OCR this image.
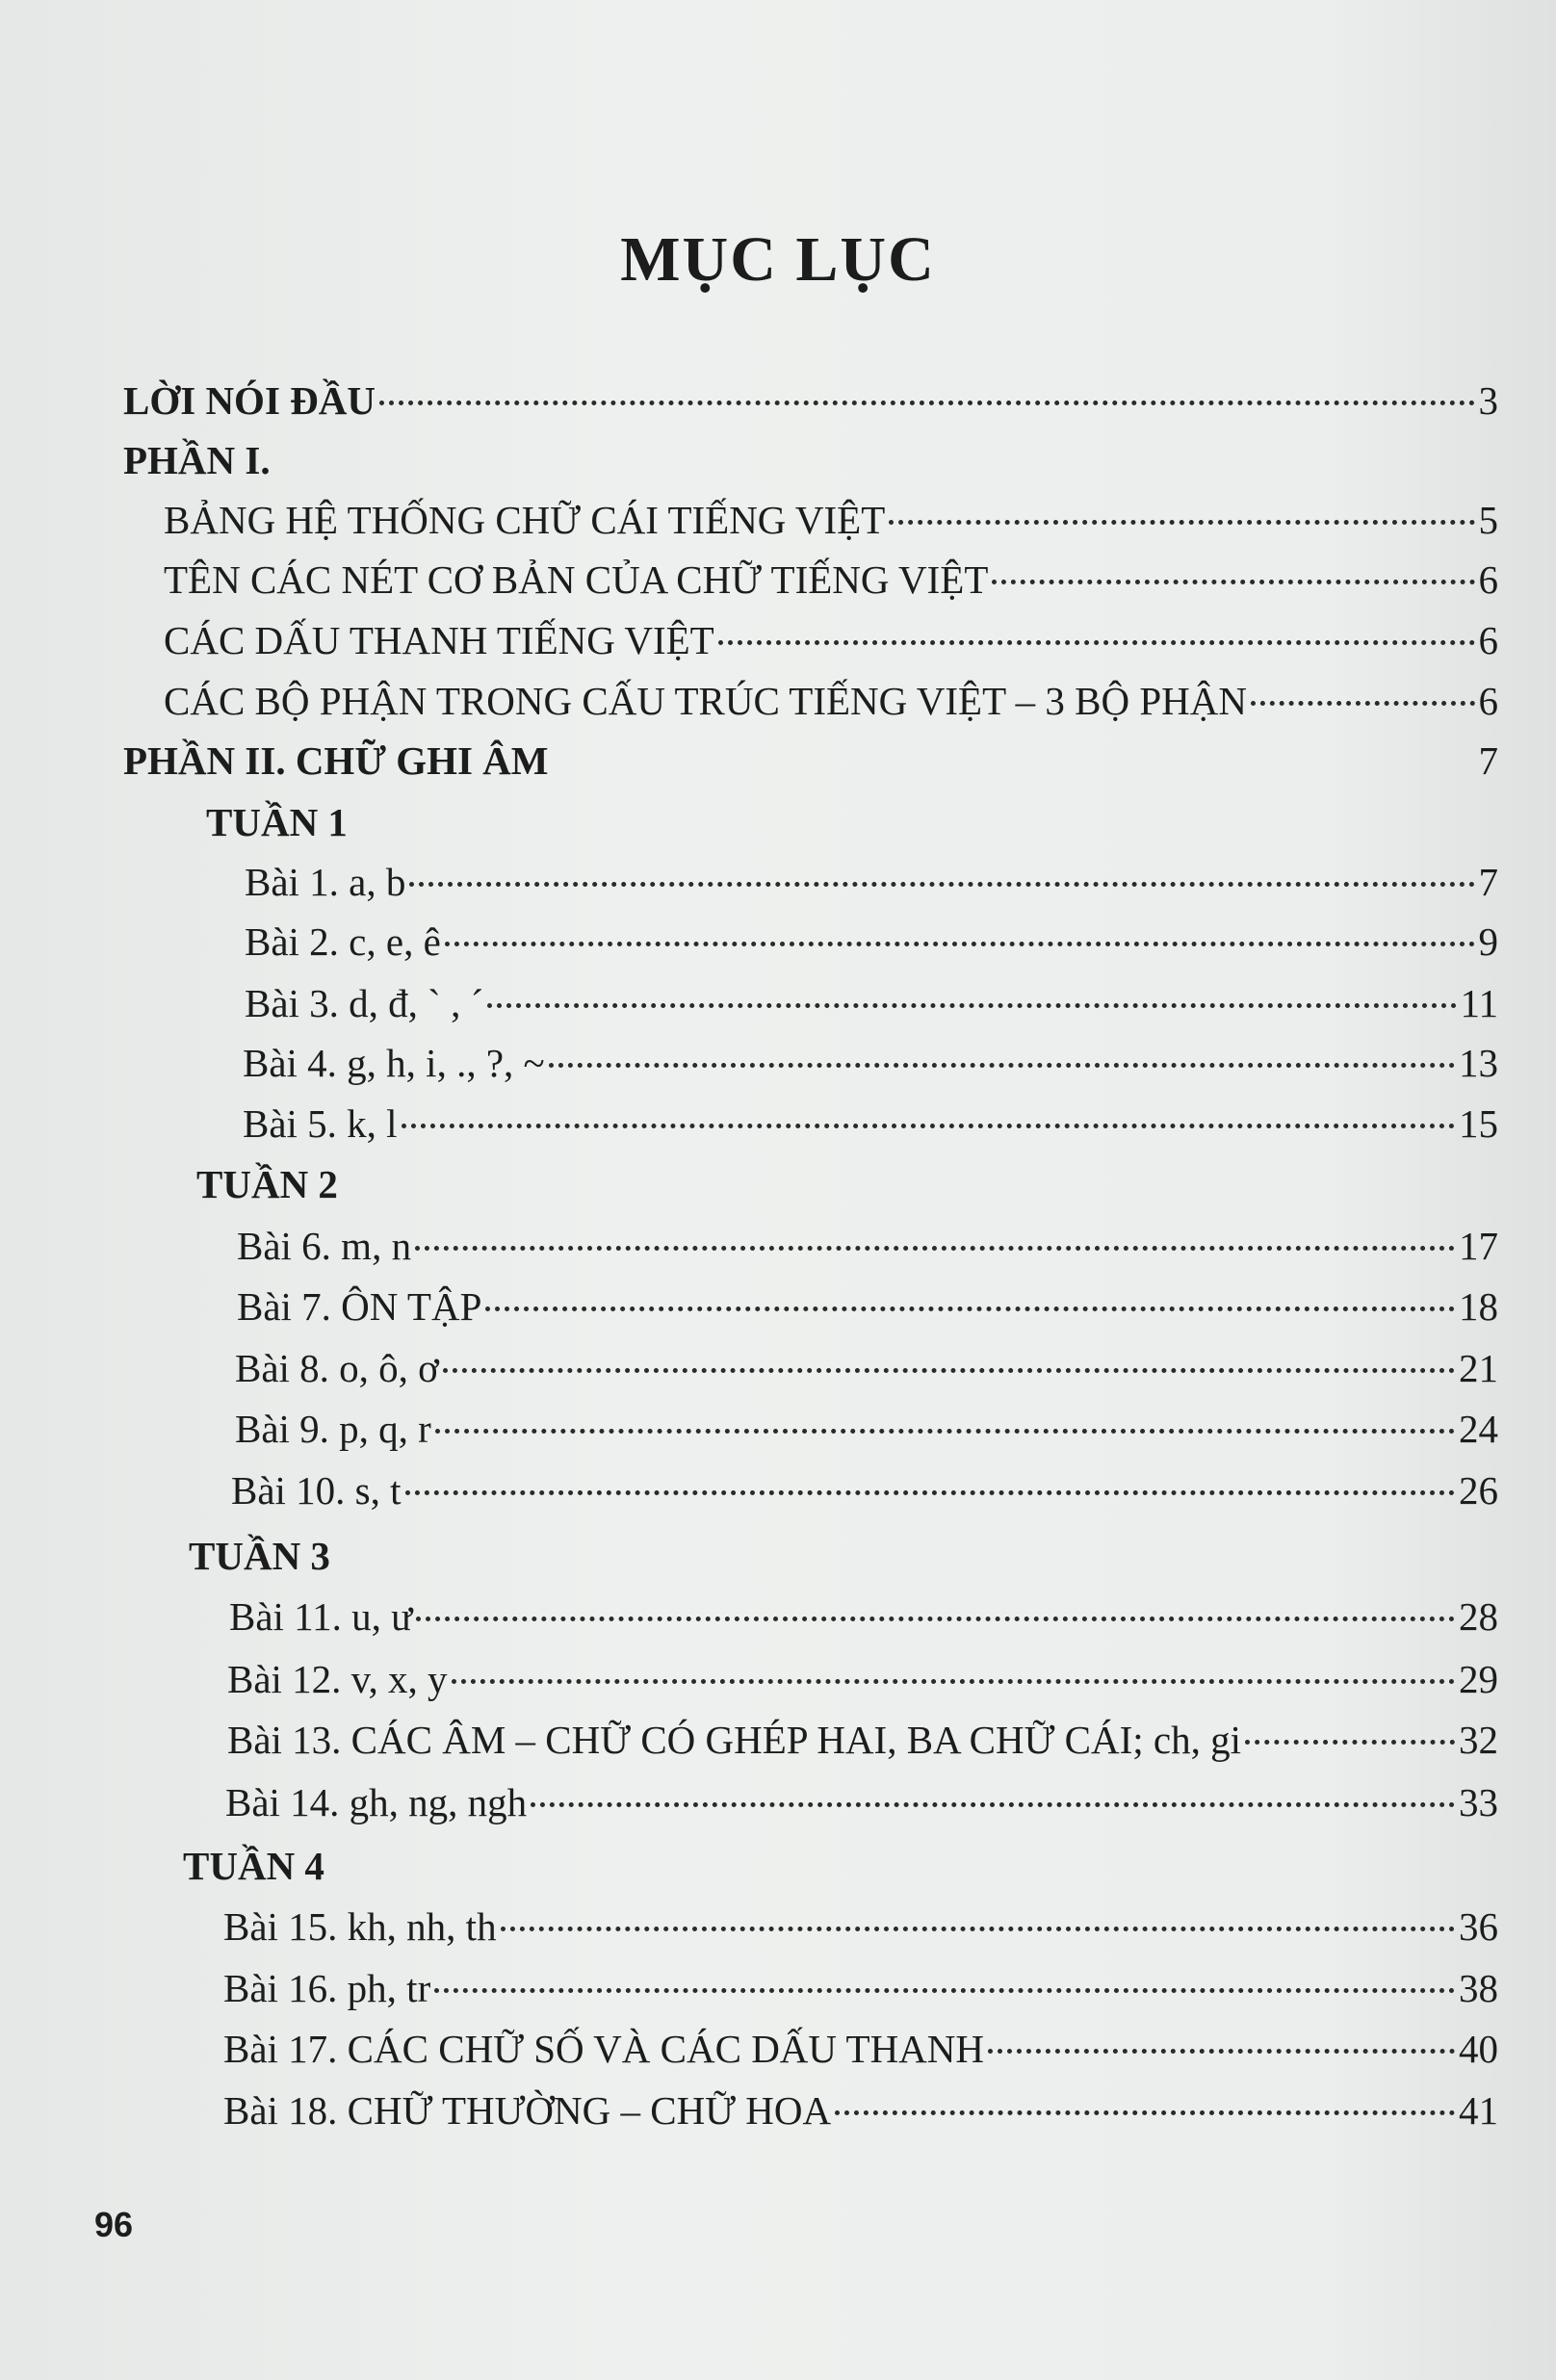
MỤC LỤC
LỜI NÓI ĐẦU	3
PHẦN I.
BẢNG HỆ THỐNG CHỮ CÁI TIẾNG VIỆT	5
TÊN CÁC NÉT CƠ BẢN CỦA CHỮ TIẾNG VIỆT	6
CÁC DẤU THANH TIẾNG VIỆT	6
CÁC BỘ PHẬN TRONG CẤU TRÚC TIẾNG VIỆT – 3 BỘ PHẬN	6
PHẦN II. CHỮ GHI ÂM	7
TUẦN 1
Bài 1. a, b	7
Bài 2. c, e, ê	9
Bài 3. d, đ, ` , ´	11
Bài 4. g, h, i, ., ?, ~	13
Bài 5. k, l	15
TUẦN 2
Bài 6. m, n	17
Bài 7. ÔN TẬP	18
Bài 8. o, ô, ơ	21
Bài 9. p, q, r	24
Bài 10. s, t	26
TUẦN 3
Bài 11. u, ư	28
Bài 12. v, x, y	29
Bài 13. CÁC ÂM – CHỮ CÓ GHÉP HAI, BA CHỮ CÁI; ch, gi	32
Bài 14. gh, ng, ngh	33
TUẦN 4
Bài 15. kh, nh, th	36
Bài 16. ph, tr	38
Bài 17. CÁC CHỮ SỐ VÀ CÁC DẤU THANH	40
Bài 18. CHỮ THƯỜNG – CHỮ HOA	41
96
